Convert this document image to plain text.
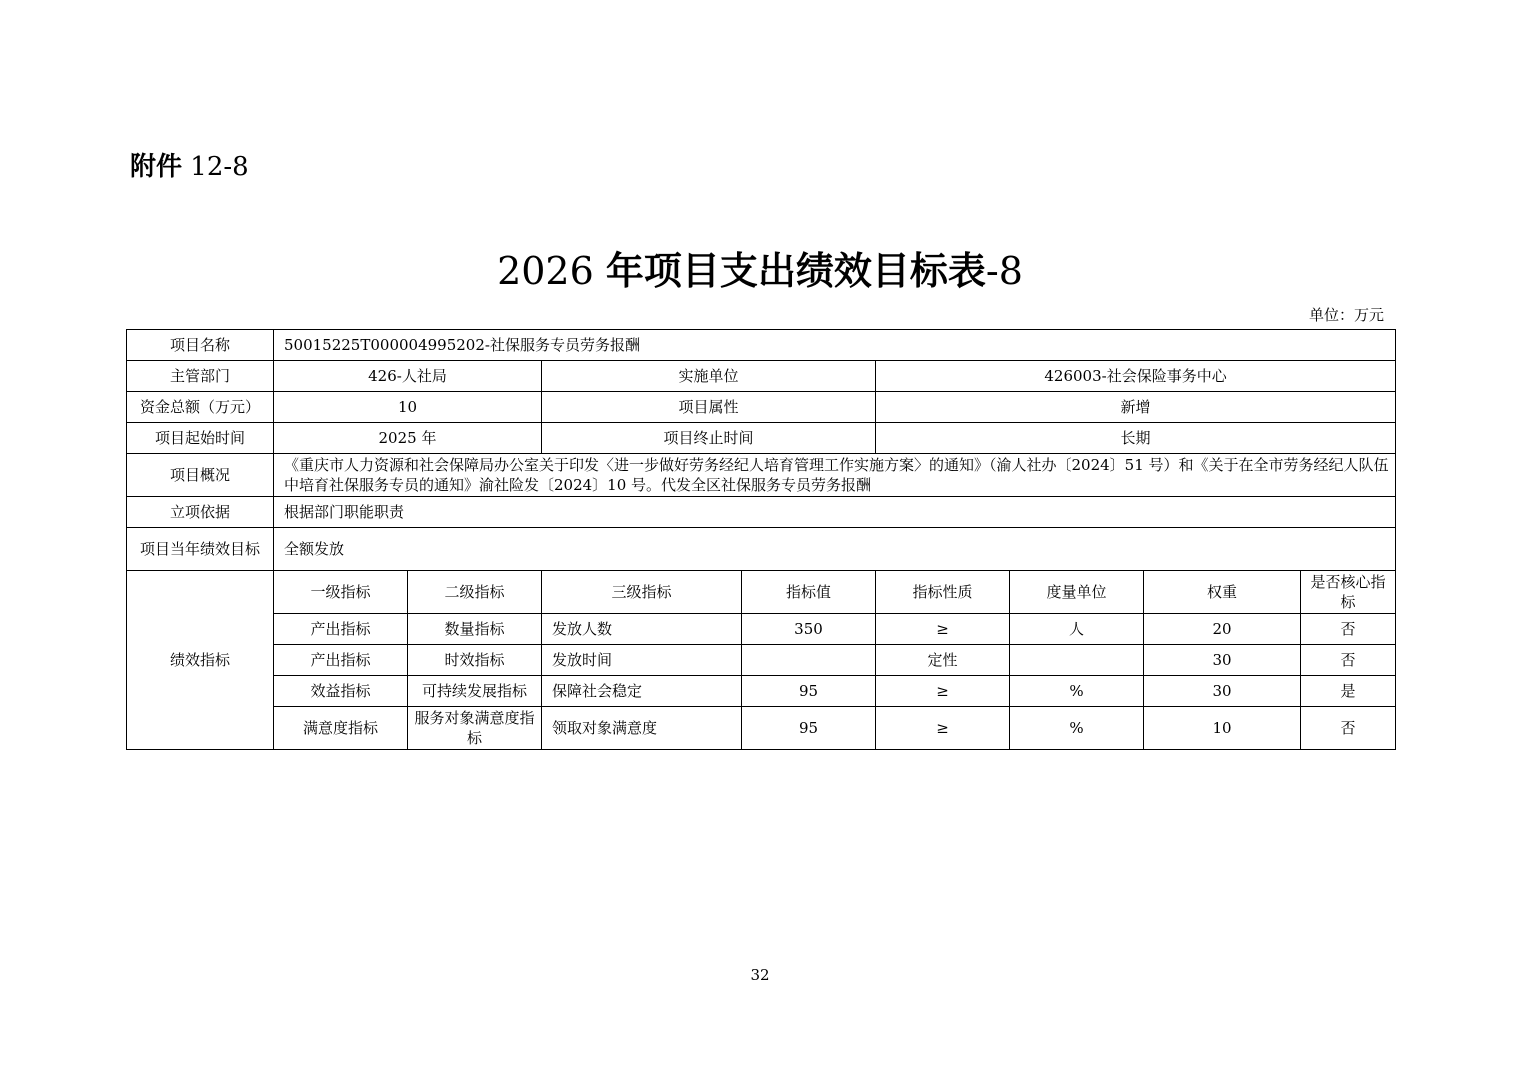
附件 12-8
2026 年项目支出绩效目标表-8
单位：万元
项目名称	50015225T000004995202-社保服务专员劳务报酬							
主管部门	426-人社局		实施单位		426003-社会保险事务中心			
资金总额（万元）	10		项目属性		新增			
项目起始时间	2025 年		项目终止时间		长期			
项目概况	《重庆市人力资源和社会保障局办公室关于印发〈进一步做好劳务经纪人培育管理工作实施方案〉的通知》（渝人社办〔2024〕51 号）和《关于在全市劳务经纪人队伍中培育社保服务专员的通知》渝社险发〔2024〕10 号。代发全区社保服务专员劳务报酬							
立项依据	根据部门职能职责							
项目当年绩效目标	全额发放							
绩效指标	一级指标	二级指标	三级指标	指标值	指标性质	度量单位	权重	是否核心指标
	产出指标	数量指标	发放人数	350	≥	人	20	否
	产出指标	时效指标	发放时间		定性		30	否
	效益指标	可持续发展指标	保障社会稳定	95	≥	%	30	是
	满意度指标	服务对象满意度指标	领取对象满意度	95	≥	%	10	否
32
